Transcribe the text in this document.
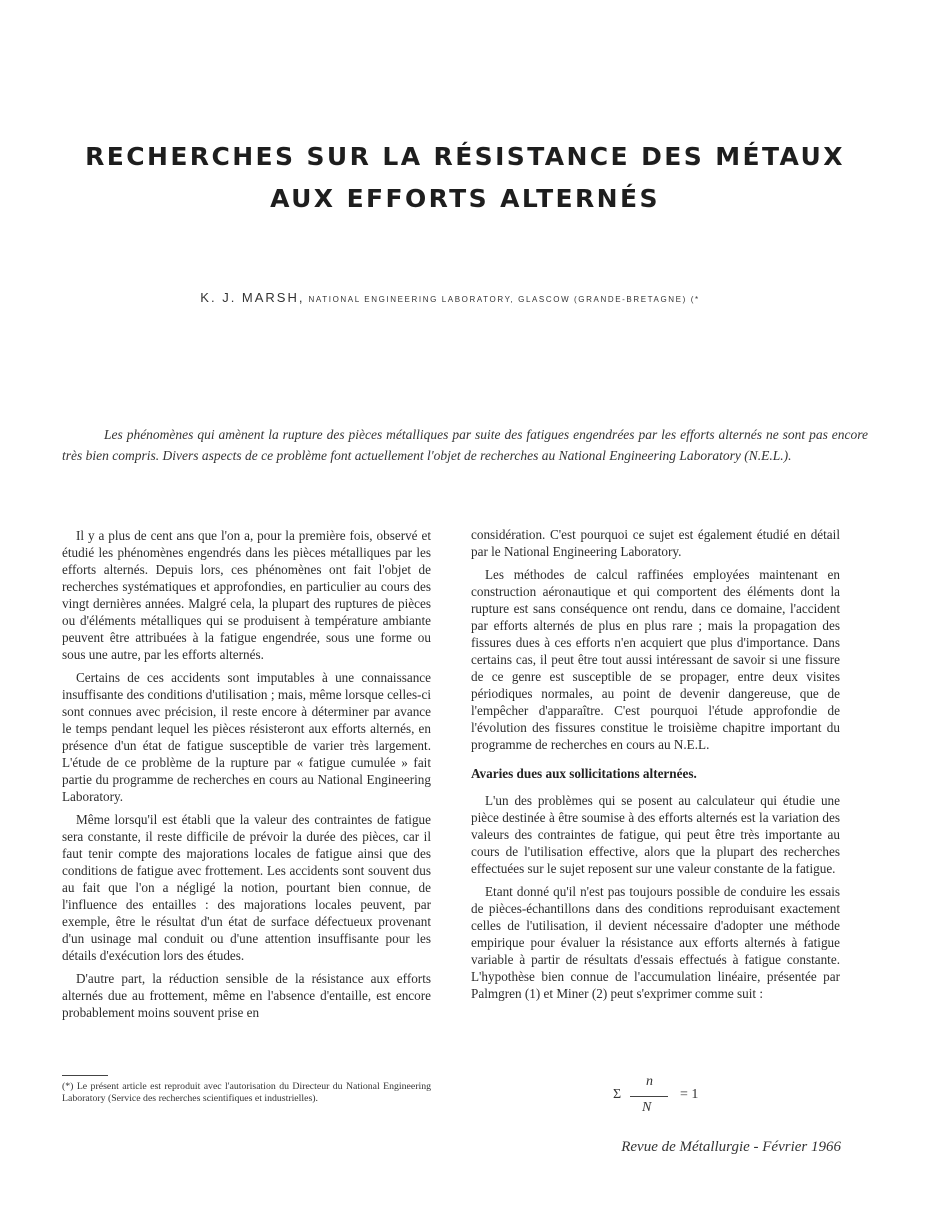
RECHERCHES SUR LA RÉSISTANCE DES MÉTAUX
AUX EFFORTS ALTERNÉS
K. J. MARSH, NATIONAL ENGINEERING LABORATORY, GLASCOW (GRANDE-BRETAGNE) (*

Les phénomènes qui amènent la rupture des pièces métalliques par suite des fatigues engendrées par les efforts alternés ne sont pas encore très bien compris. Divers aspects de ce problème font actuellement l'objet de recherches au National Engineering Laboratory (N.E.L.).

Il y a plus de cent ans que l'on a, pour la première fois, observé et étudié les phénomènes engendrés dans les pièces métalliques par les efforts alternés. Depuis lors, ces phénomènes ont fait l'objet de recherches systématiques et approfondies, en particulier au cours des vingt dernières années. Malgré cela, la plupart des ruptures de pièces ou d'éléments métalliques qui se produisent à température ambiante peuvent être attribuées à la fatigue engendrée, sous une forme ou sous une autre, par les efforts alternés.

Certains de ces accidents sont imputables à une connaissance insuffisante des conditions d'utilisation ; mais, même lorsque celles-ci sont connues avec précision, il reste encore à déterminer par avance le temps pendant lequel les pièces résisteront aux efforts alternés, en présence d'un état de fatigue susceptible de varier très largement. L'étude de ce problème de la rupture par « fatigue cumulée » fait partie du programme de recherches en cours au National Engineering Laboratory.

Même lorsqu'il est établi que la valeur des contraintes de fatigue sera constante, il reste difficile de prévoir la durée des pièces, car il faut tenir compte des majorations locales de fatigue ainsi que des conditions de fatigue avec frottement. Les accidents sont souvent dus au fait que l'on a négligé la notion, pourtant bien connue, de l'influence des entailles : des majorations locales peuvent, par exemple, être le résultat d'un état de surface défectueux provenant d'un usinage mal conduit ou d'une attention insuffisante pour les détails d'exécution lors des études.

D'autre part, la réduction sensible de la résistance aux efforts alternés due au frottement, même en l'absence d'entaille, est encore probablement moins souvent prise en

considération. C'est pourquoi ce sujet est également étudié en détail par le National Engineering Laboratory.

Les méthodes de calcul raffinées employées maintenant en construction aéronautique et qui comportent des éléments dont la rupture est sans conséquence ont rendu, dans ce domaine, l'accident par efforts alternés de plus en plus rare ; mais la propagation des fissures dues à ces efforts n'en acquiert que plus d'importance. Dans certains cas, il peut être tout aussi intéressant de savoir si une fissure de ce genre est susceptible de se propager, entre deux visites périodiques normales, au point de devenir dangereuse, que de l'empêcher d'apparaître. C'est pourquoi l'étude approfondie de l'évolution des fissures constitue le troisième chapitre important du programme de recherches en cours au N.E.L.

Avaries dues aux sollicitations alternées.

L'un des problèmes qui se posent au calculateur qui étudie une pièce destinée à être soumise à des efforts alternés est la variation des valeurs des contraintes de fatigue, qui peut être très importante au cours de l'utilisation effective, alors que la plupart des recherches effectuées sur le sujet reposent sur une valeur constante de la fatigue.

Etant donné qu'il n'est pas toujours possible de conduire les essais de pièces-échantillons dans des conditions reproduisant exactement celles de l'utilisation, il devient nécessaire d'adopter une méthode empirique pour évaluer la résistance aux efforts alternés à fatigue variable à partir de résultats d'essais effectués à fatigue constante. L'hypothèse bien connue de l'accumulation linéaire, présentée par Palmgren (1) et Miner (2) peut s'exprimer comme suit :

Σ
n
N
= 1
(*) Le présent article est reproduit avec l'autorisation du Directeur du National Engineering Laboratory (Service des recherches scientifiques et industrielles).
Revue de Métallurgie - Février 1966
